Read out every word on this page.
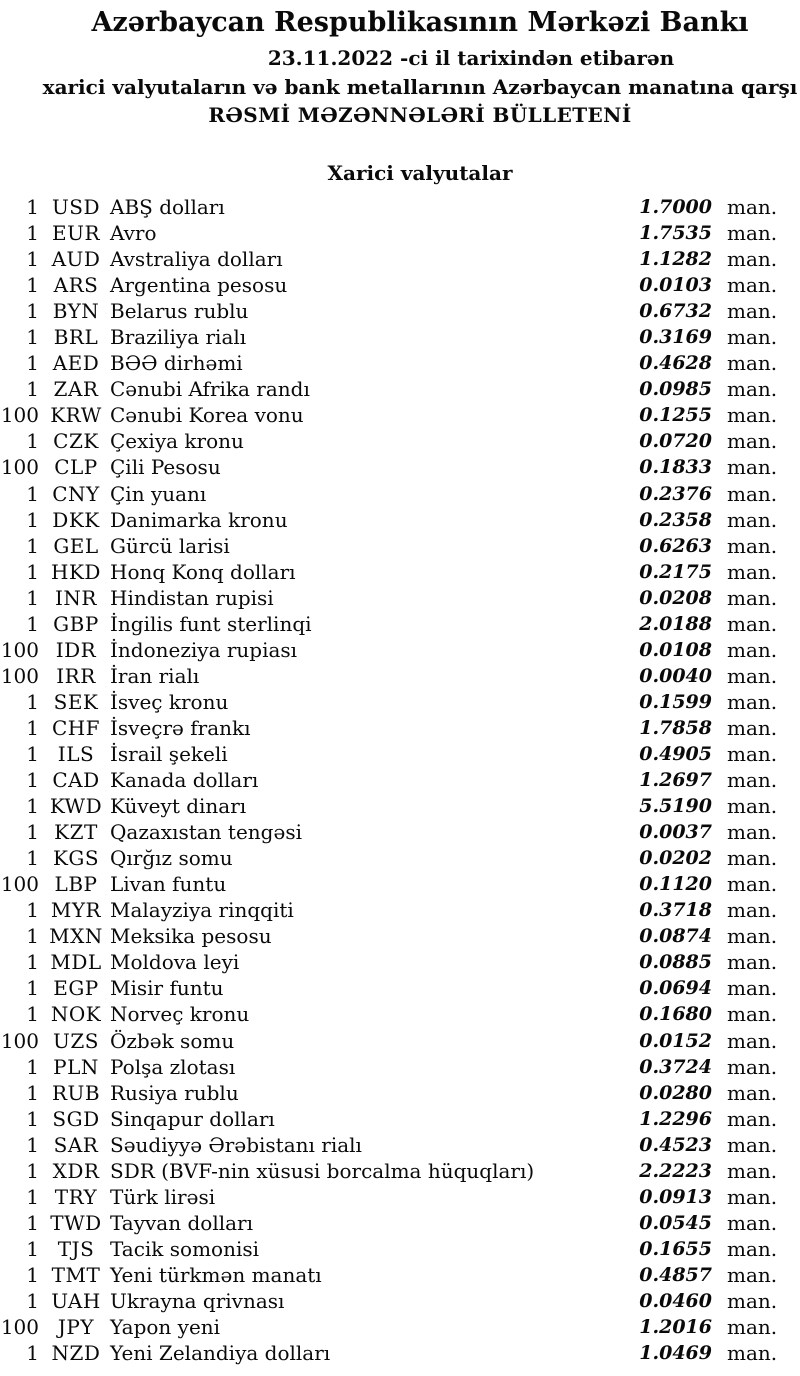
Azərbaycan Respublikasının Mərkəzi Bankı
23.11.2022 -ci il tarixindən etibarən
xarici valyutaların və bank metallarının Azərbaycan manatına qarşı
RƏSMİ MƏZƏNNƏLƏRİ BÜLLETENİ
Xarici valyutalar
1 USD ABŞ dolları	1.7000 man.
1 EUR Avro	1.7535 man.
1 AUD Avstraliya dolları	1.1282 man.
1 ARS Argentina pesosu	0.0103 man.
1 BYN Belarus rublu	0.6732 man.
1 BRL Braziliya rialı	0.3169 man.
1 AED BƏƏ dirhəmi	0.4628 man.
1 ZAR Cənubi Afrika randı	0.0985 man.
100 KRW Cənubi Korea vonu	0.1255 man.
1 CZK Çexiya kronu	0.0720 man.
100 CLP Çili Pesosu	0.1833 man.
1 CNY Çin yuanı	0.2376 man.
1 DKK Danimarka kronu	0.2358 man.
1 GEL Gürcü larisi	0.6263 man.
1 HKD Honq Konq dolları	0.2175 man.
1 INR Hindistan rupisi	0.0208 man.
1 GBP İngilis funt sterlinqi	2.0188 man.
100 IDR İndoneziya rupiası	0.0108 man.
100 IRR İran rialı	0.0040 man.
1 SEK İsveç kronu	0.1599 man.
1 CHF İsveçrə frankı	1.7858 man.
1 ILS İsrail şekeli	0.4905 man.
1 CAD Kanada dolları	1.2697 man.
1 KWD Küveyt dinarı	5.5190 man.
1 KZT Qazaxıstan tengəsi	0.0037 man.
1 KGS Qırğız somu	0.0202 man.
100 LBP Livan funtu	0.1120 man.
1 MYR Malayziya rinqqiti	0.3718 man.
1 MXN Meksika pesosu	0.0874 man.
1 MDL Moldova leyi	0.0885 man.
1 EGP Misir funtu	0.0694 man.
1 NOK Norveç kronu	0.1680 man.
100 UZS Özbək somu	0.0152 man.
1 PLN Polşa zlotası	0.3724 man.
1 RUB Rusiya rublu	0.0280 man.
1 SGD Sinqapur dolları	1.2296 man.
1 SAR Səudiyyə Ərəbistanı rialı	0.4523 man.
1 XDR SDR (BVF-nin xüsusi borcalma hüquqları)	2.2223 man.
1 TRY Türk lirəsi	0.0913 man.
1 TWD Tayvan dolları	0.0545 man.
1 TJS Tacik somonisi	0.1655 man.
1 TMT Yeni türkmən manatı	0.4857 man.
1 UAH Ukrayna qrivnası	0.0460 man.
100 JPY Yapon yeni	1.2016 man.
1 NZD Yeni Zelandiya dolları	1.0469 man.
